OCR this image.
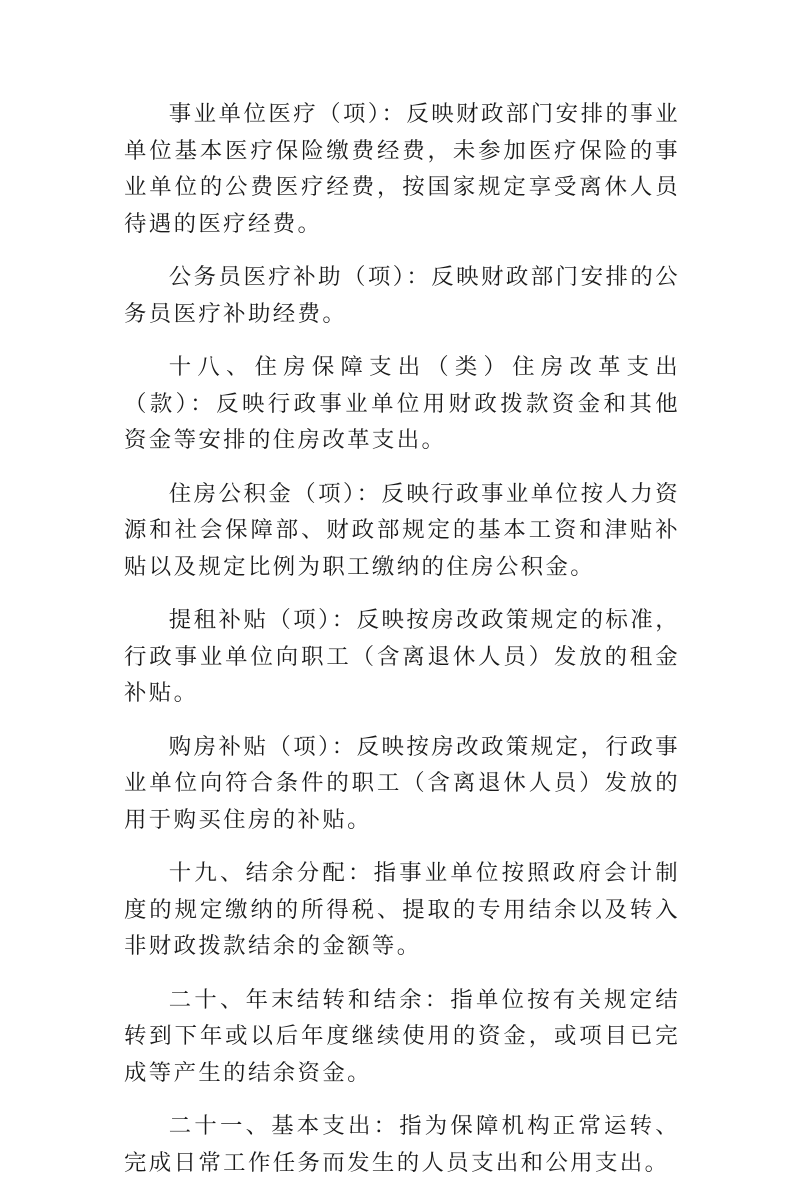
事业单位医疗（项）：反映财政部门安排的事业单位基本医疗保险缴费经费，未参加医疗保险的事业单位的公费医疗经费，按国家规定享受离休人员待遇的医疗经费。

公务员医疗补助（项）：反映财政部门安排的公务员医疗补助经费。

十八、住房保障支出（类）住房改革支出（款）：反映行政事业单位用财政拨款资金和其他资金等安排的住房改革支出。

住房公积金（项）：反映行政事业单位按人力资源和社会保障部、财政部规定的基本工资和津贴补贴以及规定比例为职工缴纳的住房公积金。

提租补贴（项）：反映按房改政策规定的标准，行政事业单位向职工（含离退休人员）发放的租金补贴。

购房补贴（项）：反映按房改政策规定，行政事业单位向符合条件的职工（含离退休人员）发放的用于购买住房的补贴。

十九、结余分配：指事业单位按照政府会计制度的规定缴纳的所得税、提取的专用结余以及转入非财政拨款结余的金额等。

二十、年末结转和结余：指单位按有关规定结转到下年或以后年度继续使用的资金，或项目已完成等产生的结余资金。

二十一、基本支出：指为保障机构正常运转、完成日常工作任务而发生的人员支出和公用支出。
